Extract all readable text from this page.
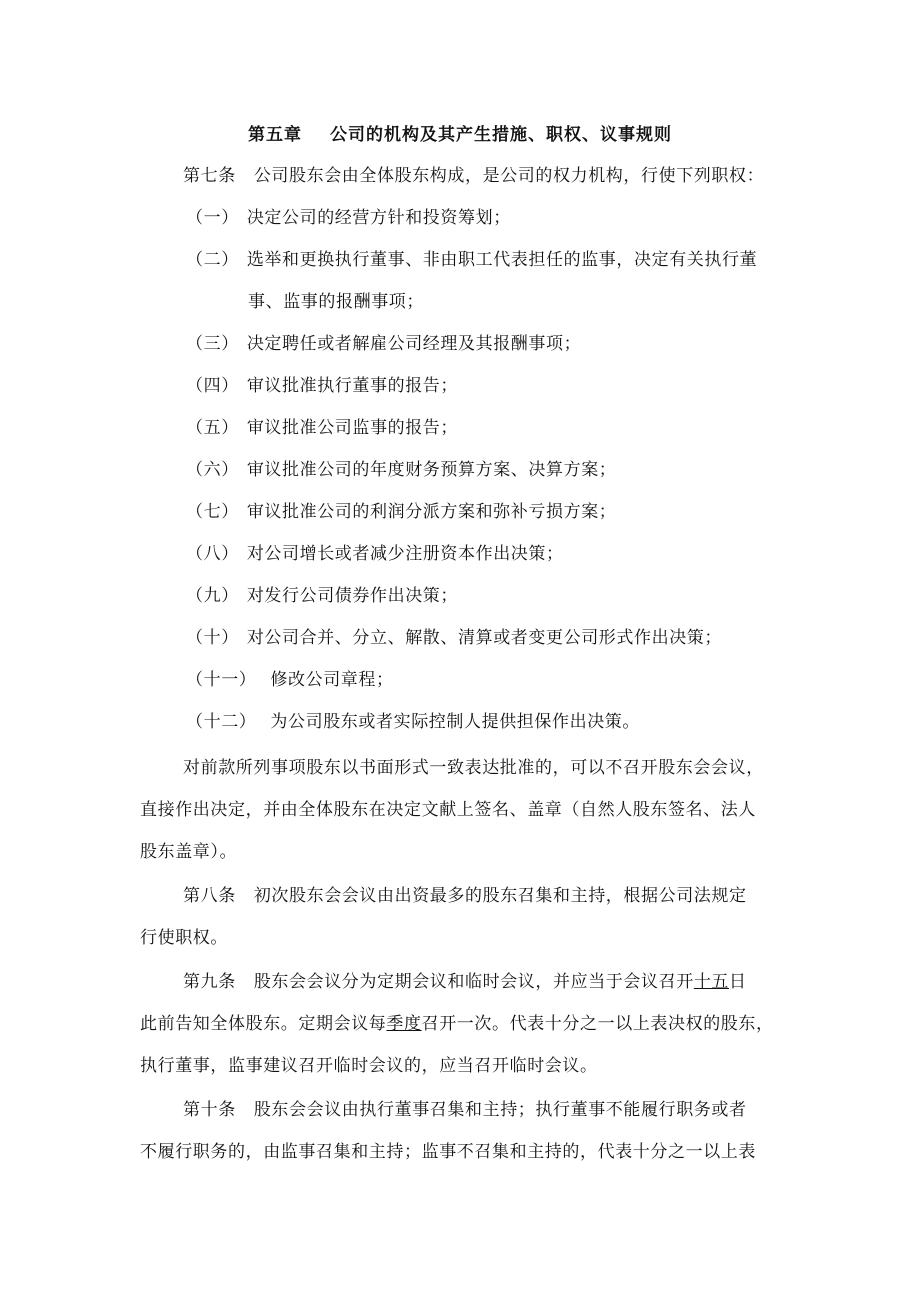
第五章 公司的机构及其产生措施、职权、议事规则
第七条 公司股东会由全体股东构成，是公司的权力机构，行使下列职权：
（一） 决定公司的经营方针和投资筹划；
（二） 选举和更换执行董事、非由职工代表担任的监事，决定有关执行董
事、监事的报酬事项；
（三） 决定聘任或者解雇公司经理及其报酬事项；
（四） 审议批准执行董事的报告；
（五） 审议批准公司监事的报告；
（六） 审议批准公司的年度财务预算方案、决算方案；
（七） 审议批准公司的利润分派方案和弥补亏损方案；
（八） 对公司增长或者减少注册资本作出决策；
（九） 对发行公司债券作出决策；
（十） 对公司合并、分立、解散、清算或者变更公司形式作出决策；
（十一） 修改公司章程；
（十二） 为公司股东或者实际控制人提供担保作出决策。
对前款所列事项股东以书面形式一致表达批准的，可以不召开股东会会议，
直接作出决定，并由全体股东在决定文献上签名、盖章（自然人股东签名、法人
股东盖章）。
第八条 初次股东会会议由出资最多的股东召集和主持，根据公司法规定
行使职权。
第九条 股东会会议分为定期会议和临时会议，并应当于会议召开十五日
此前告知全体股东。定期会议每季度召开一次。代表十分之一以上表决权的股东，
执行董事，监事建议召开临时会议的，应当召开临时会议。
第十条 股东会会议由执行董事召集和主持；执行董事不能履行职务或者
不履行职务的，由监事召集和主持；监事不召集和主持的，代表十分之一以上表
